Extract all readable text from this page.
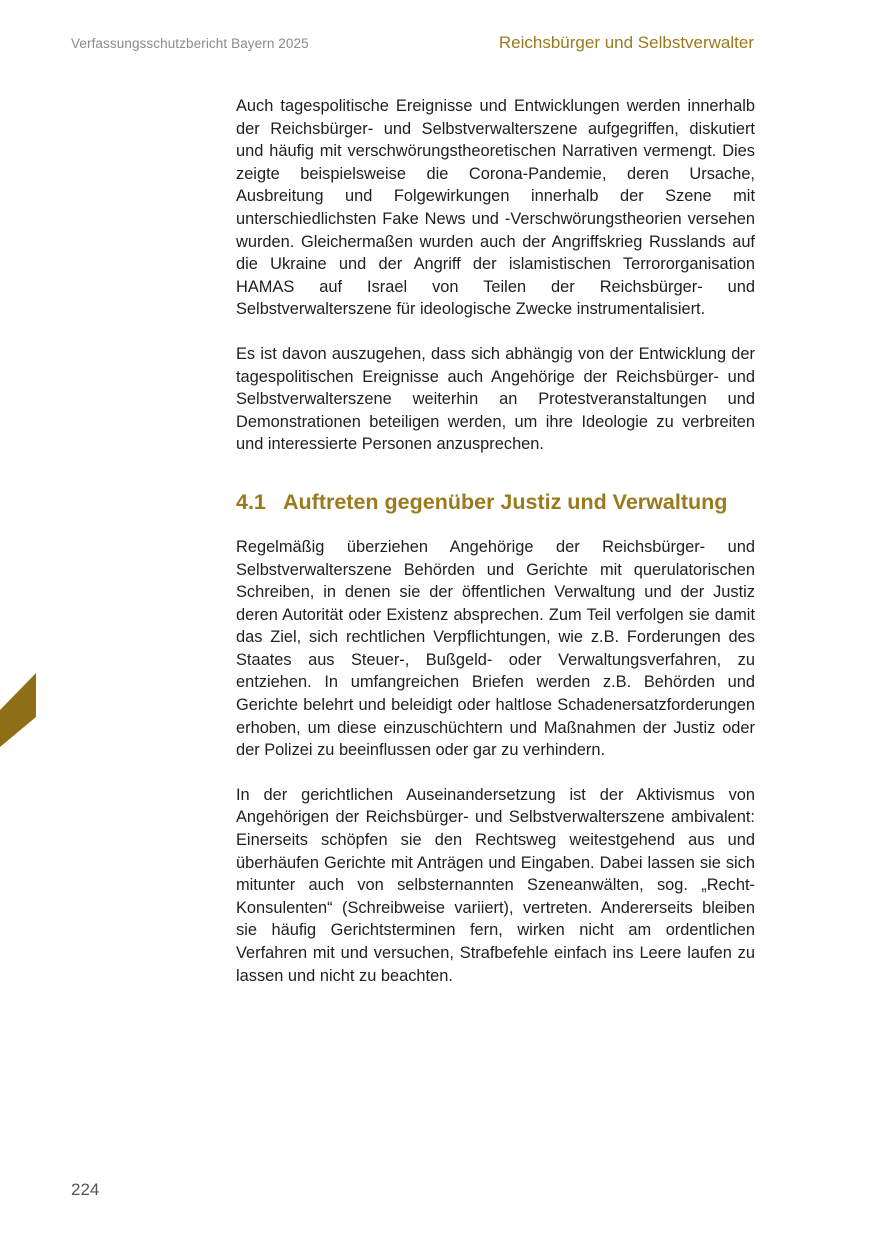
Verfassungsschutzbericht Bayern 2025	Reichsbürger und Selbstverwalter

Auch tagespolitische Ereignisse und Entwicklungen werden innerhalb der Reichsbürger- und Selbstverwalterszene aufgegriffen, diskutiert und häufig mit verschwörungstheoretischen Narrativen vermengt. Dies zeigte beispielsweise die Corona-Pandemie, deren Ursache, Ausbreitung und Folgewirkungen innerhalb der Szene mit unterschiedlichsten Fake News und -Verschwörungstheorien versehen wurden. Gleichermaßen wurden auch der Angriffskrieg Russlands auf die Ukraine und der Angriff der islamistischen Terrororganisation HAMAS auf Israel von Teilen der Reichsbürger- und Selbstverwalterszene für ideologische Zwecke instrumentalisiert.

Es ist davon auszugehen, dass sich abhängig von der Entwicklung der tagespolitischen Ereignisse auch Angehörige der Reichsbürger- und Selbstverwalterszene weiterhin an Protestveranstaltungen und Demonstrationen beteiligen werden, um ihre Ideologie zu verbreiten und interessierte Personen anzusprechen.

4.1 Auftreten gegenüber Justiz und Verwaltung

Regelmäßig überziehen Angehörige der Reichsbürger- und Selbstverwalterszene Behörden und Gerichte mit querulatorischen Schreiben, in denen sie der öffentlichen Verwaltung und der Justiz deren Autorität oder Existenz absprechen. Zum Teil verfolgen sie damit das Ziel, sich rechtlichen Verpflichtungen, wie z.B. Forderungen des Staates aus Steuer-, Bußgeld- oder Verwaltungsverfahren, zu entziehen. In umfangreichen Briefen werden z.B. Behörden und Gerichte belehrt und beleidigt oder haltlose Schadenersatzforderungen erhoben, um diese einzuschüchtern und Maßnahmen der Justiz oder der Polizei zu beeinflussen oder gar zu verhindern.

In der gerichtlichen Auseinandersetzung ist der Aktivismus von Angehörigen der Reichsbürger- und Selbstverwalterszene ambivalent: Einerseits schöpfen sie den Rechtsweg weitestgehend aus und überhäufen Gerichte mit Anträgen und Eingaben. Dabei lassen sie sich mitunter auch von selbsternannten Szeneanwälten, sog. „Recht-Konsulenten“ (Schreibweise variiert), vertreten. Andererseits bleiben sie häufig Gerichtsterminen fern, wirken nicht am ordentlichen Verfahren mit und versuchen, Strafbefehle einfach ins Leere laufen zu lassen und nicht zu beachten.

224
